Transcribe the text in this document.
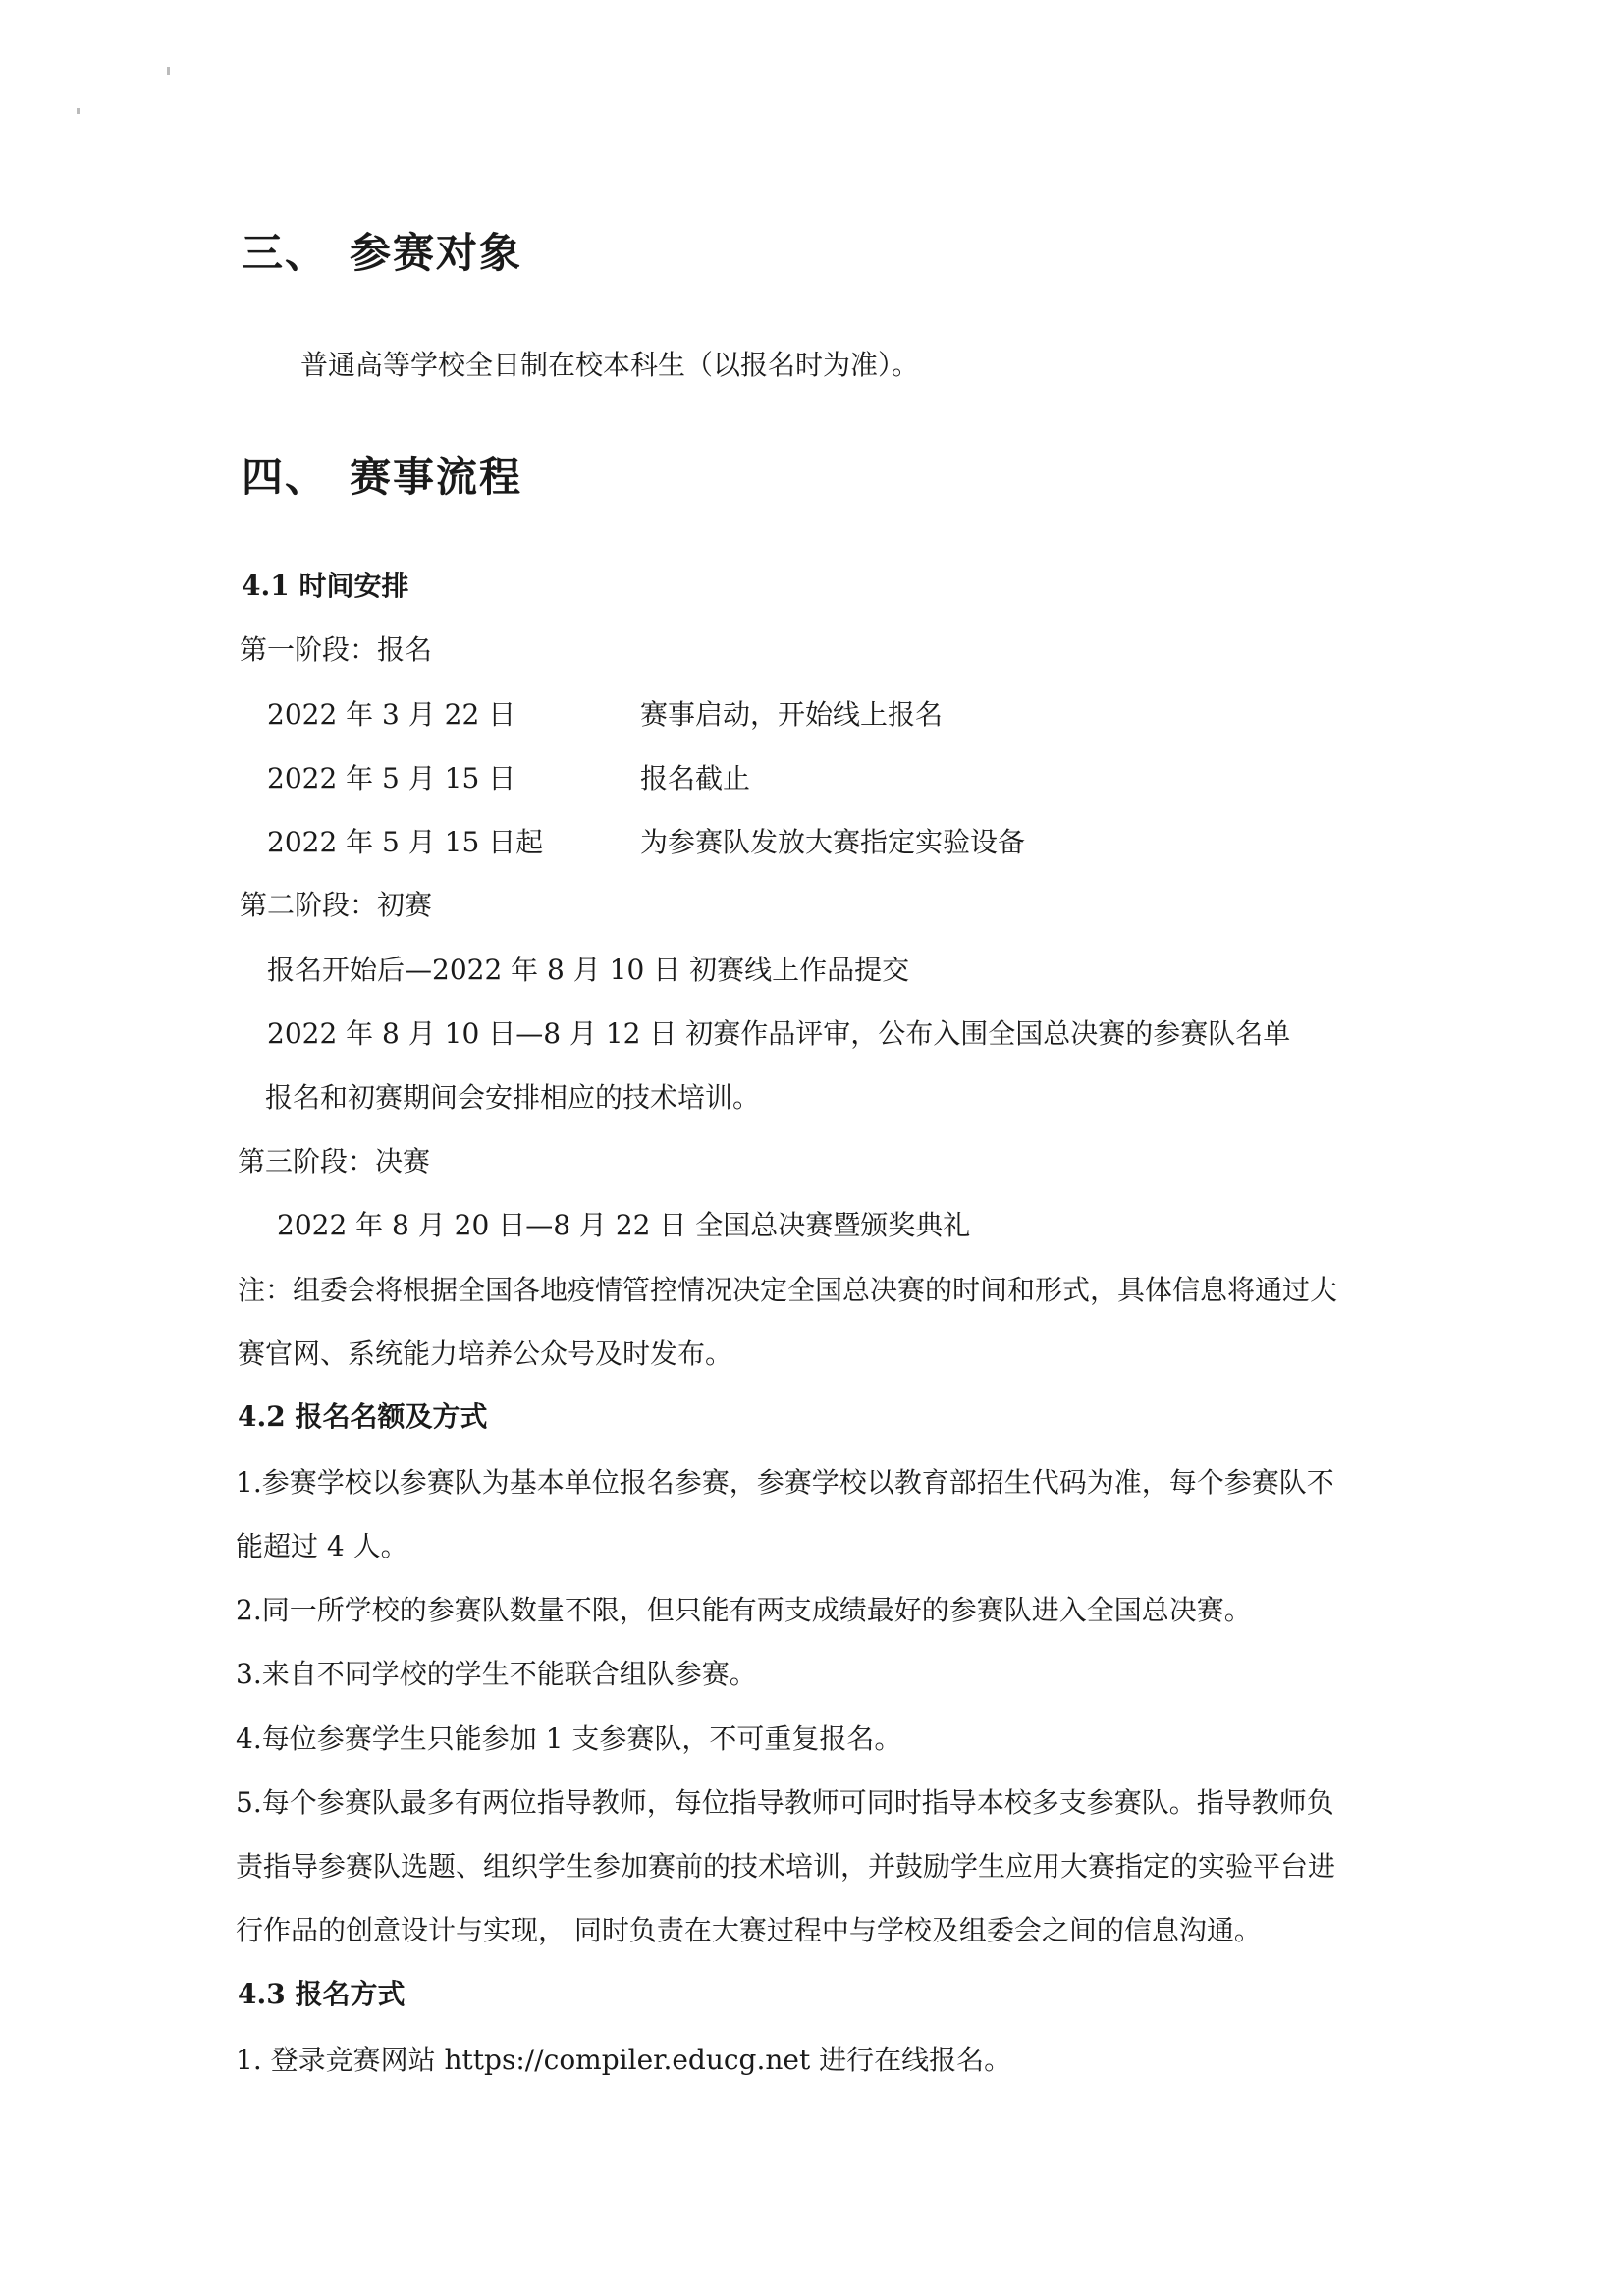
三、 参赛对象
普通高等学校全日制在校本科生（以报名时为准）。
四、 赛事流程
4.1 时间安排
第一阶段：报名
2022 年 3 月 22 日	赛事启动，开始线上报名
2022 年 5 月 15 日	报名截止
2022 年 5 月 15 日起	为参赛队发放大赛指定实验设备
第二阶段：初赛
报名开始后—2022 年 8 月 10 日 初赛线上作品提交
2022 年 8 月 10 日—8 月 12 日 初赛作品评审，公布入围全国总决赛的参赛队名单
报名和初赛期间会安排相应的技术培训。
第三阶段：决赛
2022 年 8 月 20 日—8 月 22 日 全国总决赛暨颁奖典礼
注：组委会将根据全国各地疫情管控情况决定全国总决赛的时间和形式，具体信息将通过大
赛官网、系统能力培养公众号及时发布。
4.2 报名名额及方式
1.参赛学校以参赛队为基本单位报名参赛，参赛学校以教育部招生代码为准，每个参赛队不
能超过 4 人。
2.同一所学校的参赛队数量不限，但只能有两支成绩最好的参赛队进入全国总决赛。
3.来自不同学校的学生不能联合组队参赛。
4.每位参赛学生只能参加 1 支参赛队，不可重复报名。
5.每个参赛队最多有两位指导教师，每位指导教师可同时指导本校多支参赛队。指导教师负
责指导参赛队选题、组织学生参加赛前的技术培训，并鼓励学生应用大赛指定的实验平台进
行作品的创意设计与实现， 同时负责在大赛过程中与学校及组委会之间的信息沟通。
4.3 报名方式
1. 登录竞赛网站 https://compiler.educg.net 进行在线报名。
